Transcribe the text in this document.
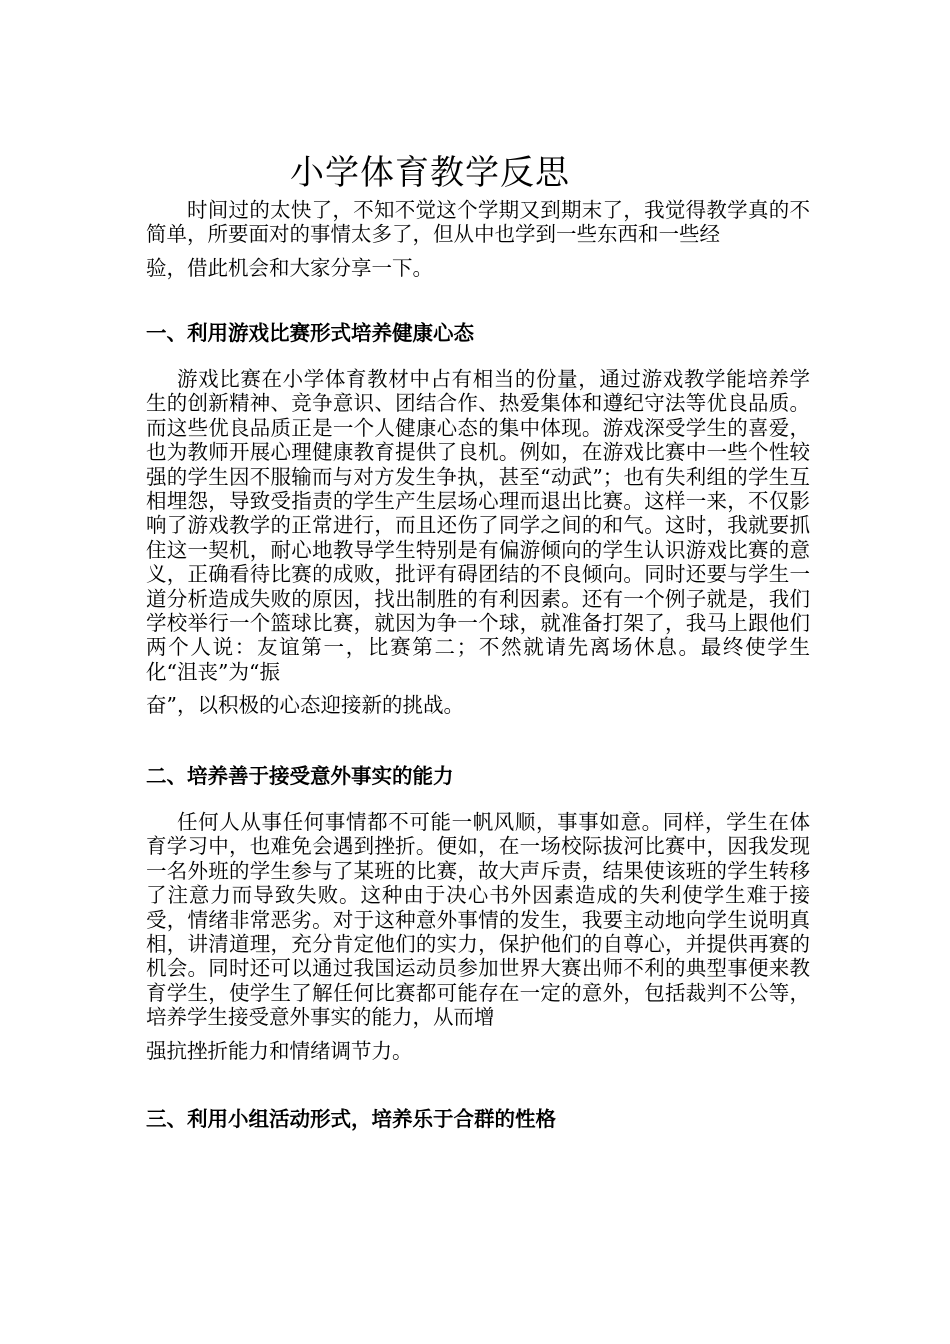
小学体育教学反思

时间过的太快了，不知不觉这个学期又到期末了，我觉得教学真的不简单，所要面对的事情太多了，但从中也学到一些东西和一些经
验，借此机会和大家分享一下。

一、利用游戏比赛形式培养健康心态

游戏比赛在小学体育教材中占有相当的份量，通过游戏教学能培养学生的创新精神、竞争意识、团结合作、热爱集体和遵纪守法等优良品质。而这些优良品质正是一个人健康心态的集中体现。游戏深受学生的喜爱，也为教师开展心理健康教育提供了良机。例如，在游戏比赛中一些个性较强的学生因不服输而与对方发生争执，甚至“动武”；也有失利组的学生互相埋怨，导致受指责的学生产生层场心理而退出比赛。这样一来，不仅影响了游戏教学的正常进行，而且还伤了同学之间的和气。这时，我就要抓住这一契机，耐心地教导学生特别是有偏游倾向的学生认识游戏比赛的意义，正确看待比赛的成败，批评有碍团结的不良倾向。同时还要与学生一道分析造成失败的原因，找出制胜的有利因素。还有一个例子就是，我们学校举行一个篮球比赛，就因为争一个球，就准备打架了，我马上跟他们两个人说：友谊第一，比赛第二；不然就请先离场休息。最终使学生化“沮丧”为“振
奋”，以积极的心态迎接新的挑战。

二、培养善于接受意外事实的能力

任何人从事任何事情都不可能一帆风顺，事事如意。同样，学生在体育学习中，也难免会遇到挫折。便如，在一场校际拔河比赛中，因我发现一名外班的学生参与了某班的比赛，故大声斥责，结果使该班的学生转移了注意力而导致失败。这种由于决心书外因素造成的失利使学生难于接受，情绪非常恶劣。对于这种意外事情的发生，我要主动地向学生说明真相，讲清道理，充分肯定他们的实力，保护他们的自尊心，并提供再赛的机会。同时还可以通过我国运动员参加世界大赛出师不利的典型事便来教育学生，使学生了解任何比赛都可能存在一定的意外，包括裁判不公等，培养学生接受意外事实的能力，从而增
强抗挫折能力和情绪调节力。

三、利用小组活动形式，培养乐于合群的性格
